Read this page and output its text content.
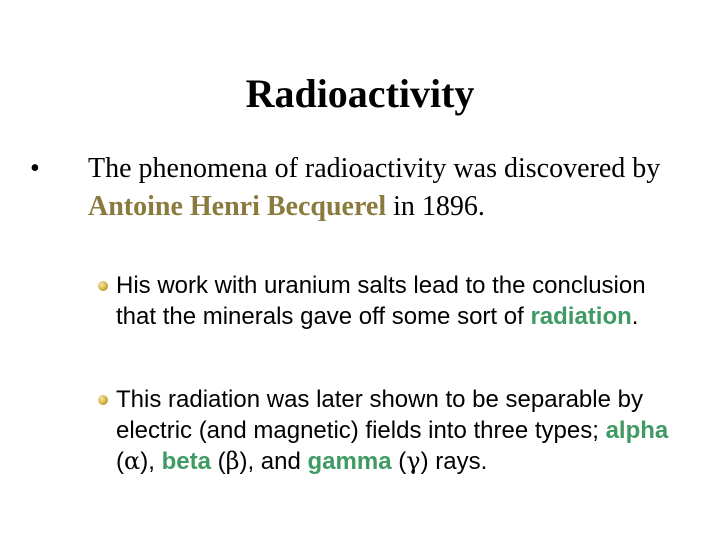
Radioactivity
•	The phenomena of radioactivity was discovered by Antoine Henri Becquerel in 1896.
His work with uranium salts lead to the conclusion that the minerals gave off some sort of radiation.
This radiation was later shown to be separable by electric (and magnetic) fields into three types; alpha (α), beta (β), and gamma (γ) rays.
